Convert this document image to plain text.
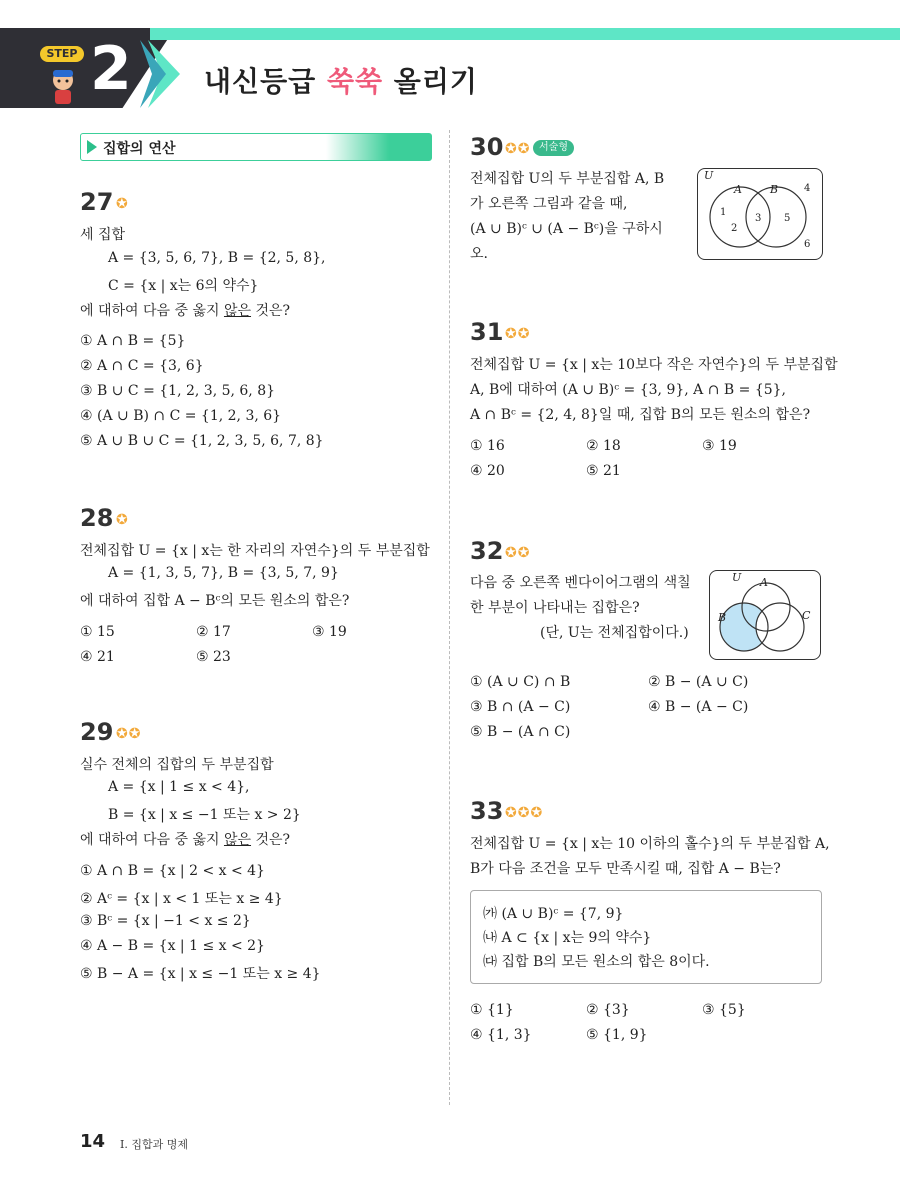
STEP 2	내신등급 쑥쑥 올리기
집합의 연산
27 ✪
세 집합
A = {3, 5, 6, 7}, B = {2, 5, 8},
C = {x | x는 6의 약수}
에 대하여 다음 중 옳지 않은 것은?
① A ∩ B = {5}
② A ∩ C = {3, 6}
③ B ∪ C = {1, 2, 3, 5, 6, 8}
④ (A ∪ B) ∩ C = {1, 2, 3, 6}
⑤ A ∪ B ∪ C = {1, 2, 3, 5, 6, 7, 8}
28 ✪
전체집합 U = {x | x는 한 자리의 자연수}의 두 부분집합
A = {1, 3, 5, 7}, B = {3, 5, 7, 9}
에 대하여 집합 A − Bᶜ의 모든 원소의 합은?
① 15	② 17	③ 19
④ 21	⑤ 23
29 ✪✪
실수 전체의 집합의 두 부분집합
A = {x | 1 ≤ x < 4},
B = {x | x ≤ −1 또는 x > 2}
에 대하여 다음 중 옳지 않은 것은?
① A ∩ B = {x | 2 < x < 4}
② Aᶜ = {x | x < 1 또는 x ≥ 4}
③ Bᶜ = {x | −1 < x ≤ 2}
④ A − B = {x | 1 ≤ x < 2}
⑤ B − A = {x | x ≤ −1 또는 x ≥ 4}
30 ✪✪ 서술형
전체집합 U의 두 부분집합 A, B
가 오른쪽 그림과 같을 때,
(A ∪ B)ᶜ ∪ (A − Bᶜ)을 구하시
오.
U
A	B
1
2
3
4
5
6
31 ✪✪
전체집합 U = {x | x는 10보다 작은 자연수}의 두 부분집합
A, B에 대하여 (A ∪ B)ᶜ = {3, 9}, A ∩ B = {5},
A ∩ Bᶜ = {2, 4, 8}일 때, 집합 B의 모든 원소의 합은?
① 16	② 18	③ 19
④ 20	⑤ 21
32 ✪✪
다음 중 오른쪽 벤다이어그램의 색칠
한 부분이 나타내는 집합은?
(단, U는 전체집합이다.)
U A
B	C
① (A ∪ C) ∩ B	② B − (A ∪ C)
③ B ∩ (A − C)	④ B − (A − C)
⑤ B − (A ∩ C)
33 ✪✪✪
전체집합 U = {x | x는 10 이하의 홀수}의 두 부분집합 A,
B가 다음 조건을 모두 만족시킬 때, 집합 A − B는?
㈎ (A ∪ B)ᶜ = {7, 9}
㈏ A ⊂ {x | x는 9의 약수}
㈐ 집합 B의 모든 원소의 합은 8이다.
① {1}	② {3}	③ {5}
④ {1, 3}	⑤ {1, 9}
14 Ⅰ. 집합과 명제
